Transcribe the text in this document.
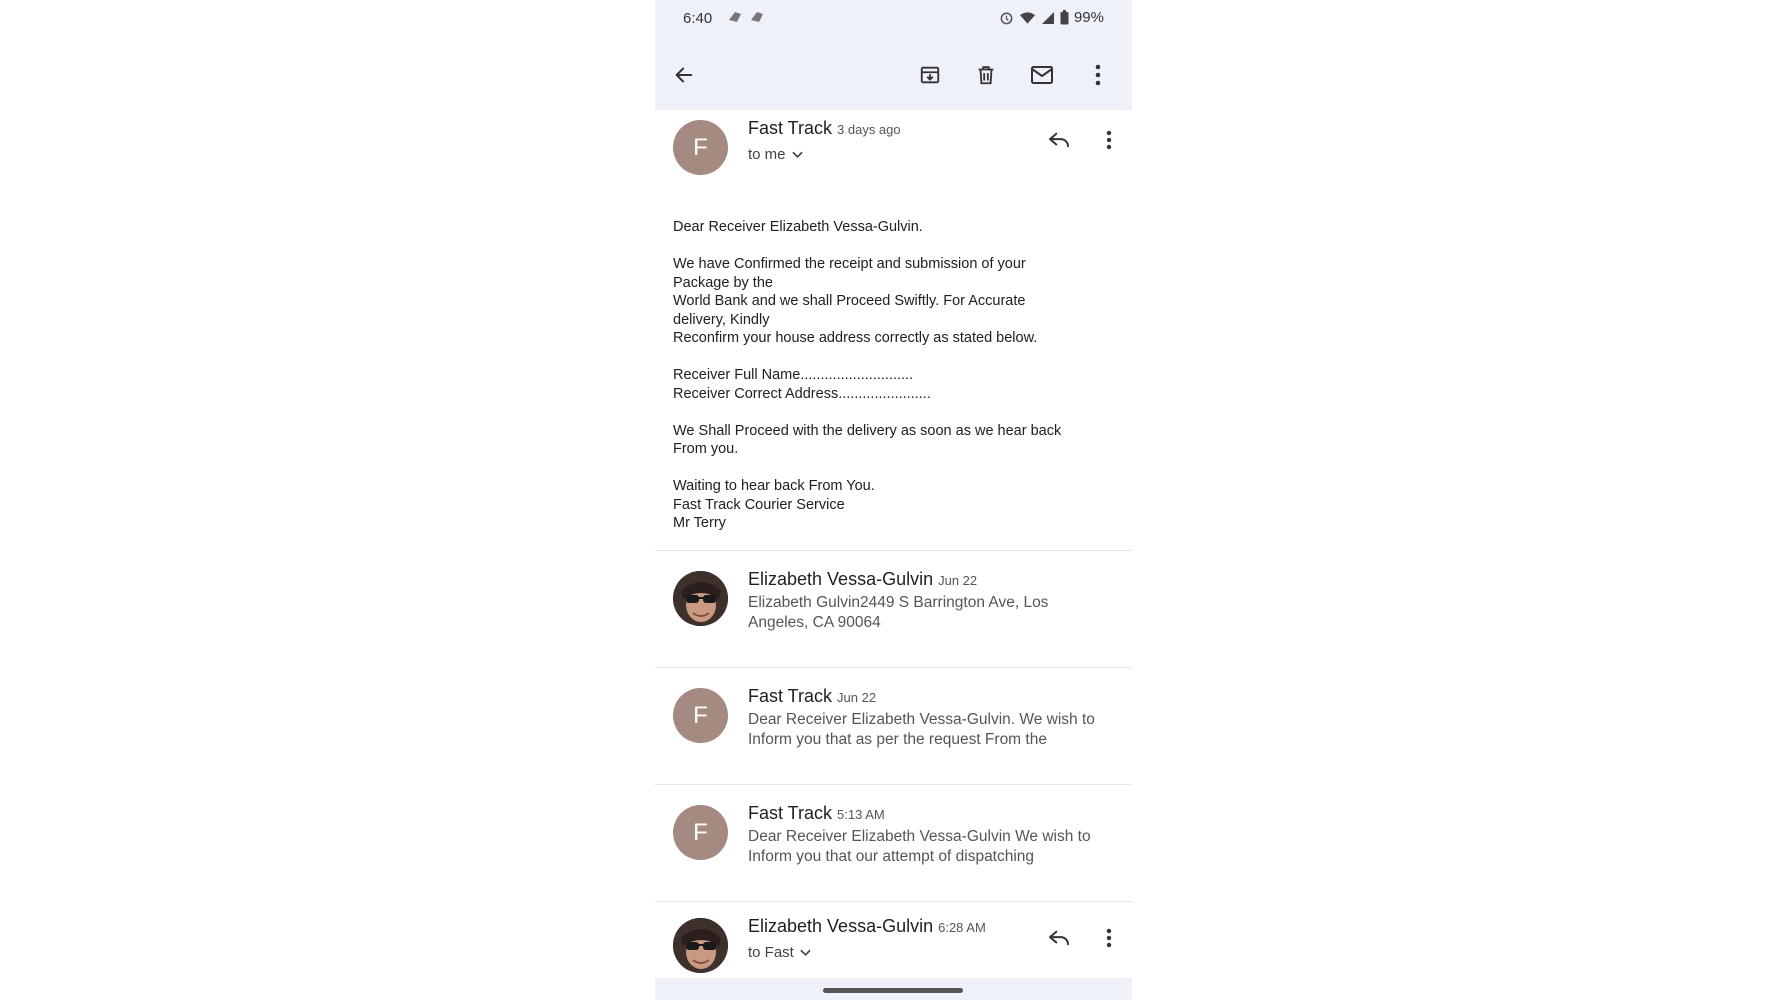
6:40	99%
F
Fast Track 3 days ago
to me

Dear Receiver Elizabeth Vessa-Gulvin.

We have Confirmed the receipt and submission of your
Package by the
World Bank and we shall Proceed Swiftly. For Accurate
delivery, Kindly
Reconfirm your house address correctly as stated below.

Receiver Full Name............................
Receiver Correct Address.......................

We Shall Proceed with the delivery as soon as we hear back
From you.

Waiting to hear back From You.
Fast Track Courier Service
Mr Terry

Elizabeth Vessa-Gulvin Jun 22
Elizabeth Gulvin2449 S Barrington Ave, Los Angeles, CA 90064
F
Fast Track Jun 22
Dear Receiver Elizabeth Vessa-Gulvin. We wish to Inform you that as per the request From the
F
Fast Track 5:13 AM
Dear Receiver Elizabeth Vessa-Gulvin We wish to Inform you that our attempt of dispatching
Elizabeth Vessa-Gulvin 6:28 AM
to Fast
